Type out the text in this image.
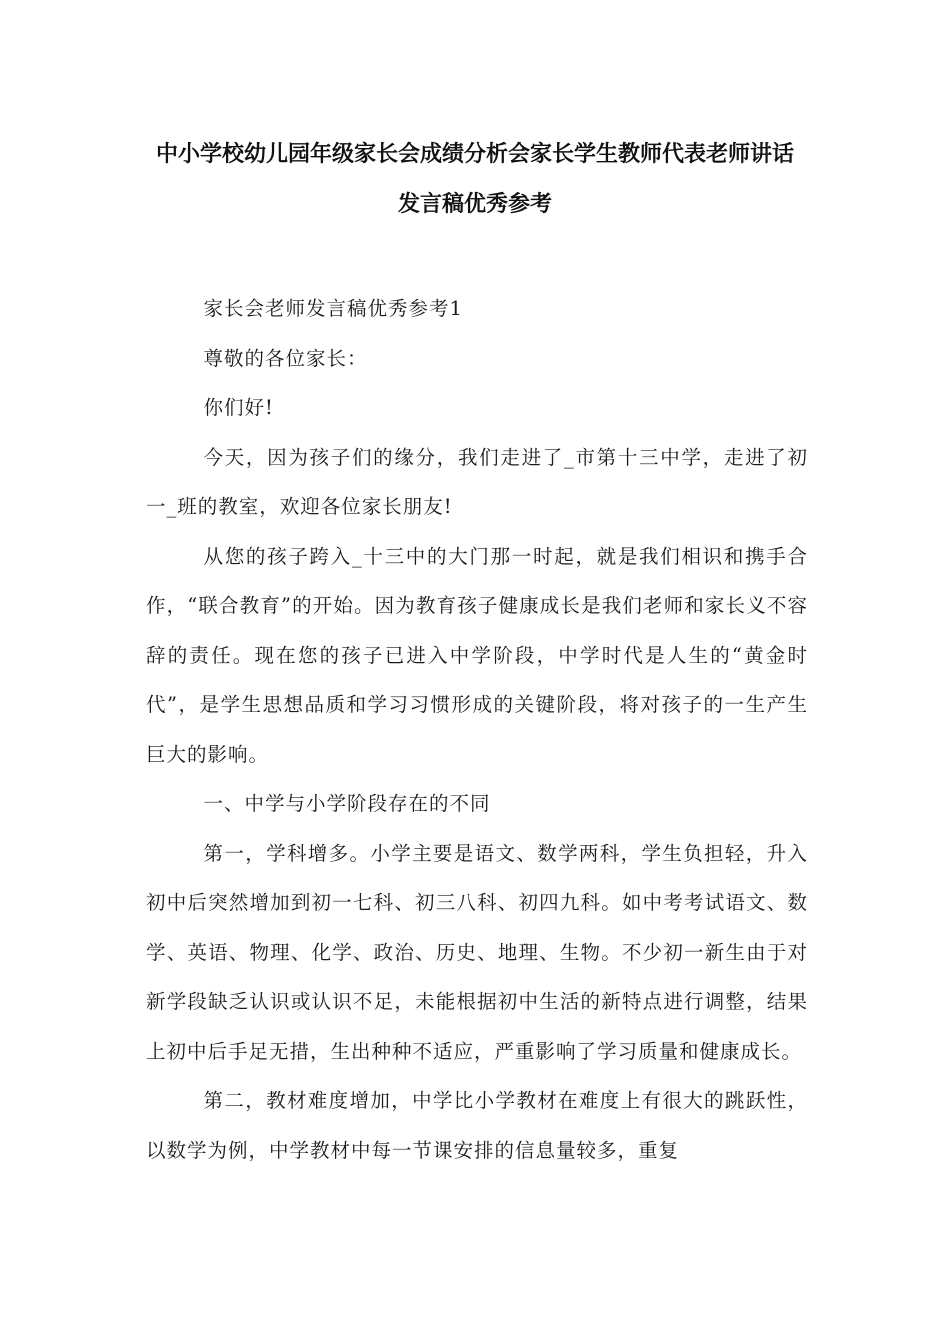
中小学校幼儿园年级家长会成绩分析会家长学生教师代表老师讲话
发言稿优秀参考

家长会老师发言稿优秀参考1

尊敬的各位家长：

你们好!

今天，因为孩子们的缘分，我们走进了_市第十三中学，走进了初一_班的教室，欢迎各位家长朋友!

从您的孩子跨入_十三中的大门那一时起，就是我们相识和携手合作，“联合教育”的开始。因为教育孩子健康成长是我们老师和家长义不容辞的责任。现在您的孩子已进入中学阶段，中学时代是人生的“黄金时代”，是学生思想品质和学习习惯形成的关键阶段，将对孩子的一生产生巨大的影响。

一、中学与小学阶段存在的不同

第一，学科增多。小学主要是语文、数学两科，学生负担轻，升入初中后突然增加到初一七科、初三八科、初四九科。如中考考试语文、数学、英语、物理、化学、政治、历史、地理、生物。不少初一新生由于对新学段缺乏认识或认识不足，未能根据初中生活的新特点进行调整，结果上初中后手足无措，生出种种不适应，严重影响了学习质量和健康成长。

第二，教材难度增加，中学比小学教材在难度上有很大的跳跃性，以数学为例，中学教材中每一节课安排的信息量较多，重复
